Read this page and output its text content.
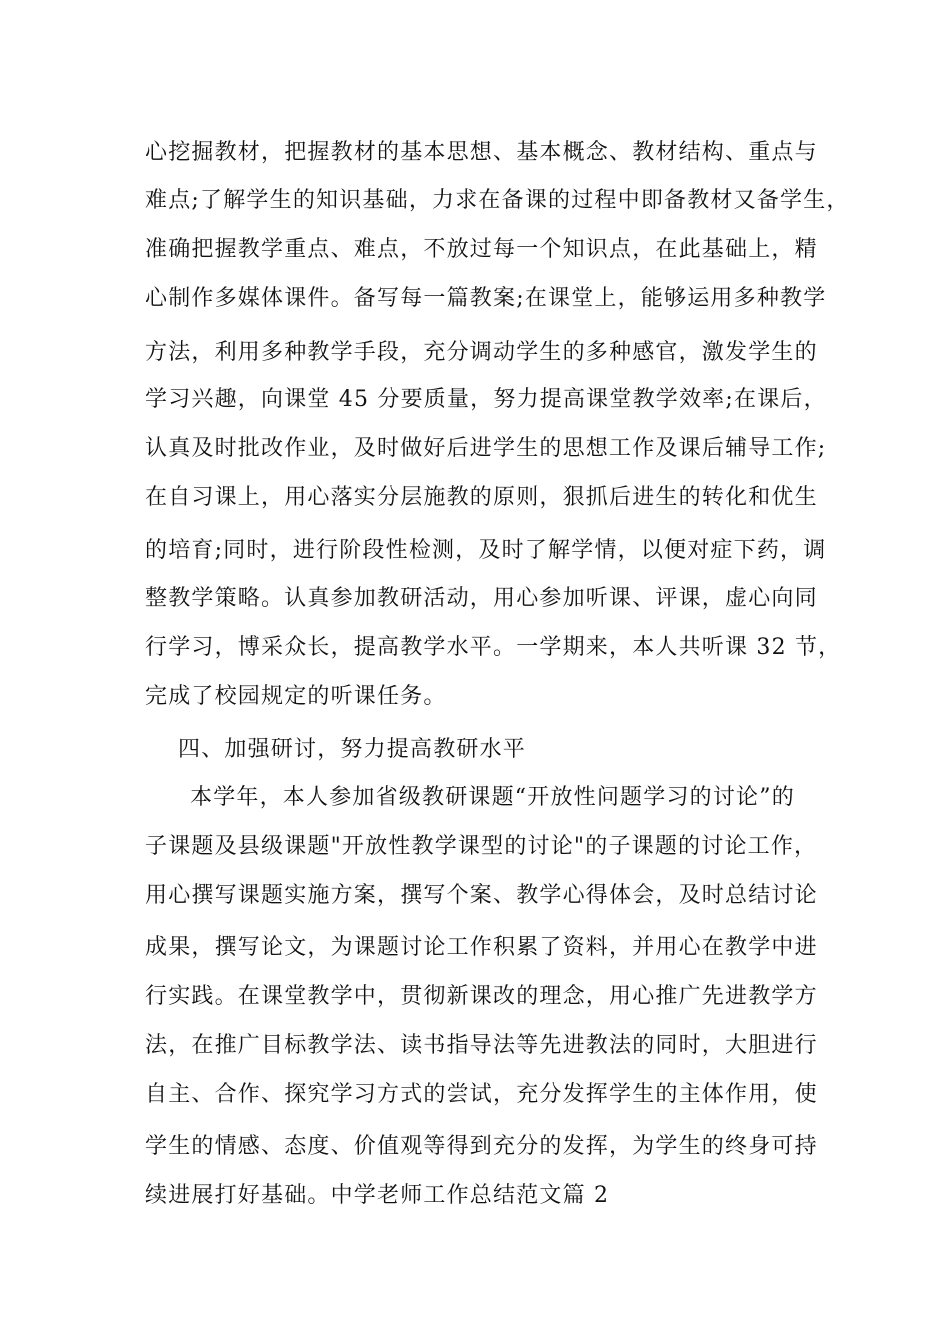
心挖掘教材，把握教材的基本思想、基本概念、教材结构、重点与
难点;了解学生的知识基础，力求在备课的过程中即备教材又备学生，
准确把握教学重点、难点，不放过每一个知识点，在此基础上，精
心制作多媒体课件。备写每一篇教案;在课堂上，能够运用多种教学
方法，利用多种教学手段，充分调动学生的多种感官，激发学生的
学习兴趣，向课堂 45 分要质量，努力提高课堂教学效率;在课后，
认真及时批改作业，及时做好后进学生的思想工作及课后辅导工作;
在自习课上，用心落实分层施教的原则，狠抓后进生的转化和优生
的培育;同时，进行阶段性检测，及时了解学情，以便对症下药，调
整教学策略。认真参加教研活动，用心参加听课、评课，虚心向同
行学习，博采众长，提高教学水平。一学期来，本人共听课 32 节，
完成了校园规定的听课任务。
四、加强研讨，努力提高教研水平
本学年，本人参加省级教研课题“开放性问题学习的讨论”的
子课题及县级课题"开放性教学课型的讨论"的子课题的讨论工作，
用心撰写课题实施方案，撰写个案、教学心得体会，及时总结讨论
成果，撰写论文，为课题讨论工作积累了资料，并用心在教学中进
行实践。在课堂教学中，贯彻新课改的理念，用心推广先进教学方
法，在推广目标教学法、读书指导法等先进教法的同时，大胆进行
自主、合作、探究学习方式的尝试，充分发挥学生的主体作用，使
学生的情感、态度、价值观等得到充分的发挥，为学生的终身可持
续进展打好基础。中学老师工作总结范文篇 2
